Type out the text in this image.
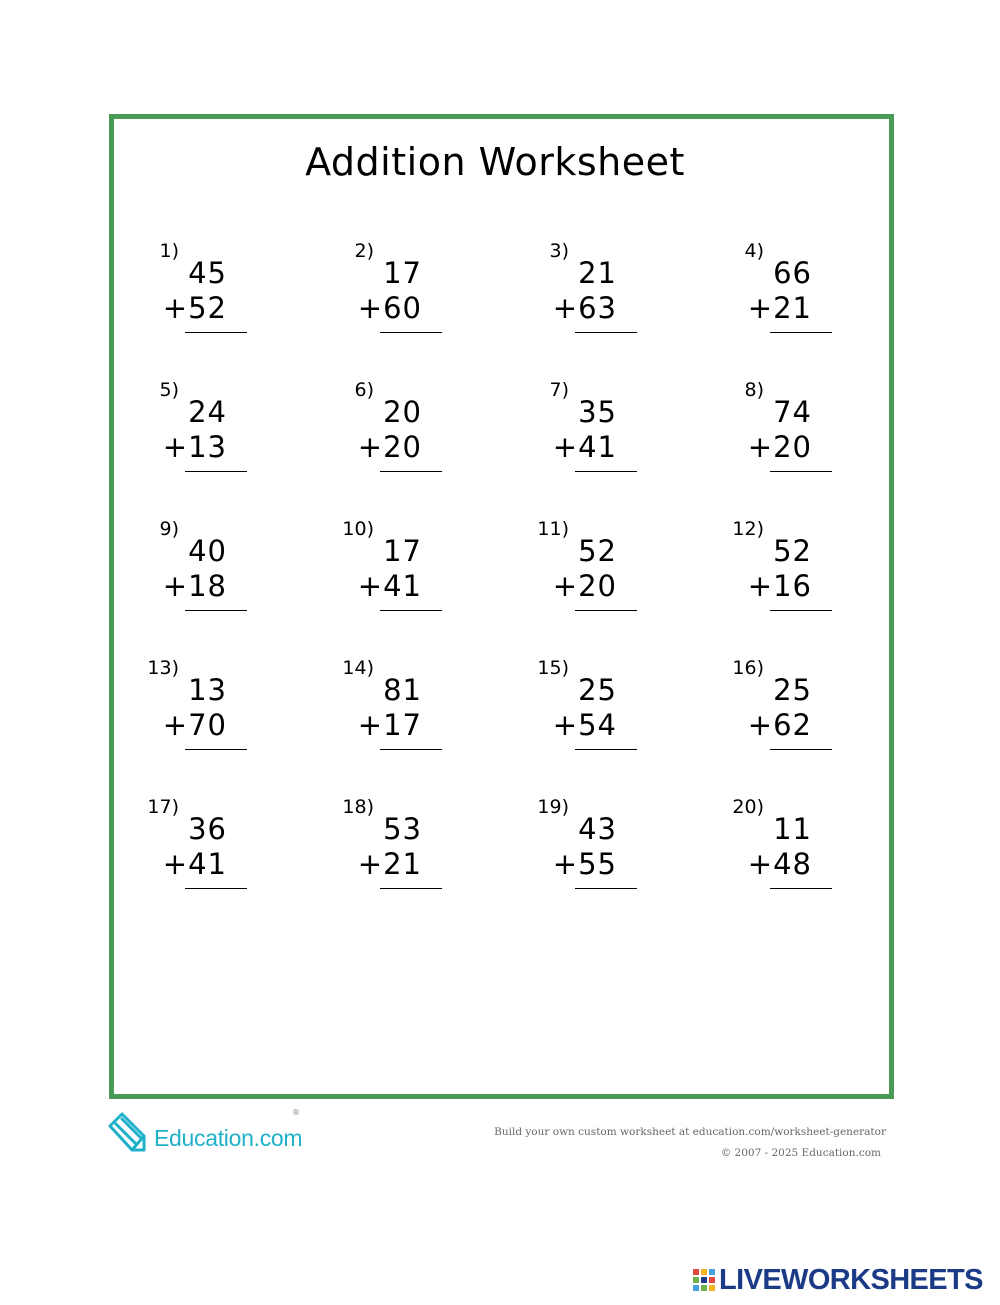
Addition Worksheet
1)
45
+52
2)
17
+60
3)
21
+63
4)
66
+21
5)
24
+13
6)
20
+20
7)
35
+41
8)
74
+20
9)
40
+18
10)
17
+41
11)
52
+20
12)
52
+16
13)
13
+70
14)
81
+17
15)
25
+54
16)
25
+62
17)
36
+41
18)
53
+21
19)
43
+55
20)
11
+48
Education.com
®
Build your own custom worksheet at education.com/worksheet-generator
© 2007 - 2025 Education.com
LIVEWORKSHEETS
